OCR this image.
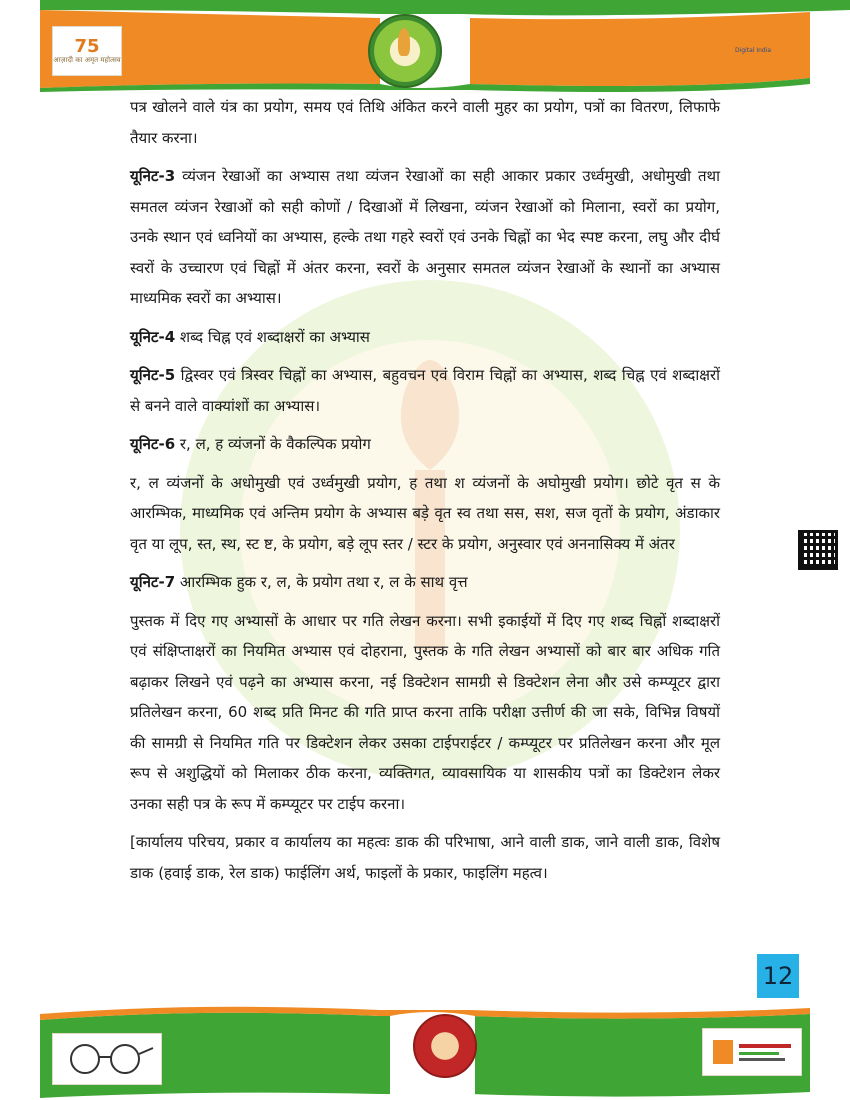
75
आज़ादी का अमृत महोत्सव
Digital India

पत्र खोलने वाले यंत्र का प्रयोग, समय एवं तिथि अंकित करने वाली मुहर का प्रयोग, पत्रों का वितरण, लिफाफे तैयार करना।

यूनिट-3 व्यंजन रेखाओं का अभ्यास तथा व्यंजन रेखाओं का सही आकार प्रकार उर्ध्वमुखी, अधोमुखी तथा समतल व्यंजन रेखाओं को सही कोणों / दिखाओं में लिखना, व्यंजन रेखाओं को मिलाना, स्वरों का प्रयोग, उनके स्थान एवं ध्वनियों का अभ्यास, हल्के तथा गहरे स्वरों एवं उनके चिह्नों का भेद स्पष्ट करना, लघु और दीर्घ स्वरों के उच्चारण एवं चिह्नों में अंतर करना, स्वरों के अनुसार समतल व्यंजन रेखाओं के स्थानों का अभ्यास माध्यमिक स्वरों का अभ्यास।

यूनिट-4 शब्द चिह्न एवं शब्दाक्षरों का अभ्यास

यूनिट-5 द्विस्वर एवं त्रिस्वर चिह्नों का अभ्यास, बहुवचन एवं विराम चिह्नों का अभ्यास, शब्द चिह्न एवं शब्दाक्षरों से बनने वाले वाक्यांशों का अभ्यास।

यूनिट-6 र, ल, ह व्यंजनों के वैकल्पिक प्रयोग

र, ल व्यंजनों के अधोमुखी एवं उर्ध्वमुखी प्रयोग, ह तथा श व्यंजनों के अघोमुखी प्रयोग। छोटे वृत स के आरम्भिक, माध्यमिक एवं अन्तिम प्रयोग के अभ्यास बड़े वृत स्व तथा सस, सश, सज वृतों के प्रयोग, अंडाकार वृत या लूप, स्त, स्थ, स्ट ष्ट, के प्रयोग, बड़े लूप स्तर / स्टर के प्रयोग, अनुस्वार एवं अननासिक्य में अंतर

यूनिट-7 आरम्भिक हुक र, ल, के प्रयोग तथा र, ल के साथ वृत्त

पुस्तक में दिए गए अभ्यासों के आधार पर गति लेखन करना। सभी इकाईयों में दिए गए शब्द चिह्नों शब्दाक्षरों एवं संक्षिप्ताक्षरों का नियमित अभ्यास एवं दोहराना, पुस्तक के गति लेखन अभ्यासों को बार बार अधिक गति बढ़ाकर लिखने एवं पढ़ने का अभ्यास करना, नई डिक्टेशन सामग्री से डिक्टेशन लेना और उसे कम्प्यूटर द्वारा प्रतिलेखन करना, 60 शब्द प्रति मिनट की गति प्राप्त करना ताकि परीक्षा उत्तीर्ण की जा सके, विभिन्न विषयों की सामग्री से नियमित गति पर डिक्टेशन लेकर उसका टाईपराईटर / कम्प्यूटर पर प्रतिलेखन करना और मूल रूप से अशुद्धियों को मिलाकर ठीक करना, व्यक्तिगत, व्यावसायिक या शासकीय पत्रों का डिक्टेशन लेकर उनका सही पत्र के रूप में कम्प्यूटर पर टाईप करना।

[कार्यालय परिचय, प्रकार व कार्यालय का महत्वः डाक की परिभाषा, आने वाली डाक, जाने वाली डाक, विशेष डाक (हवाई डाक, रेल डाक) फाईलिंग अर्थ, फाइलों के प्रकार, फाइलिंग महत्व।

12
